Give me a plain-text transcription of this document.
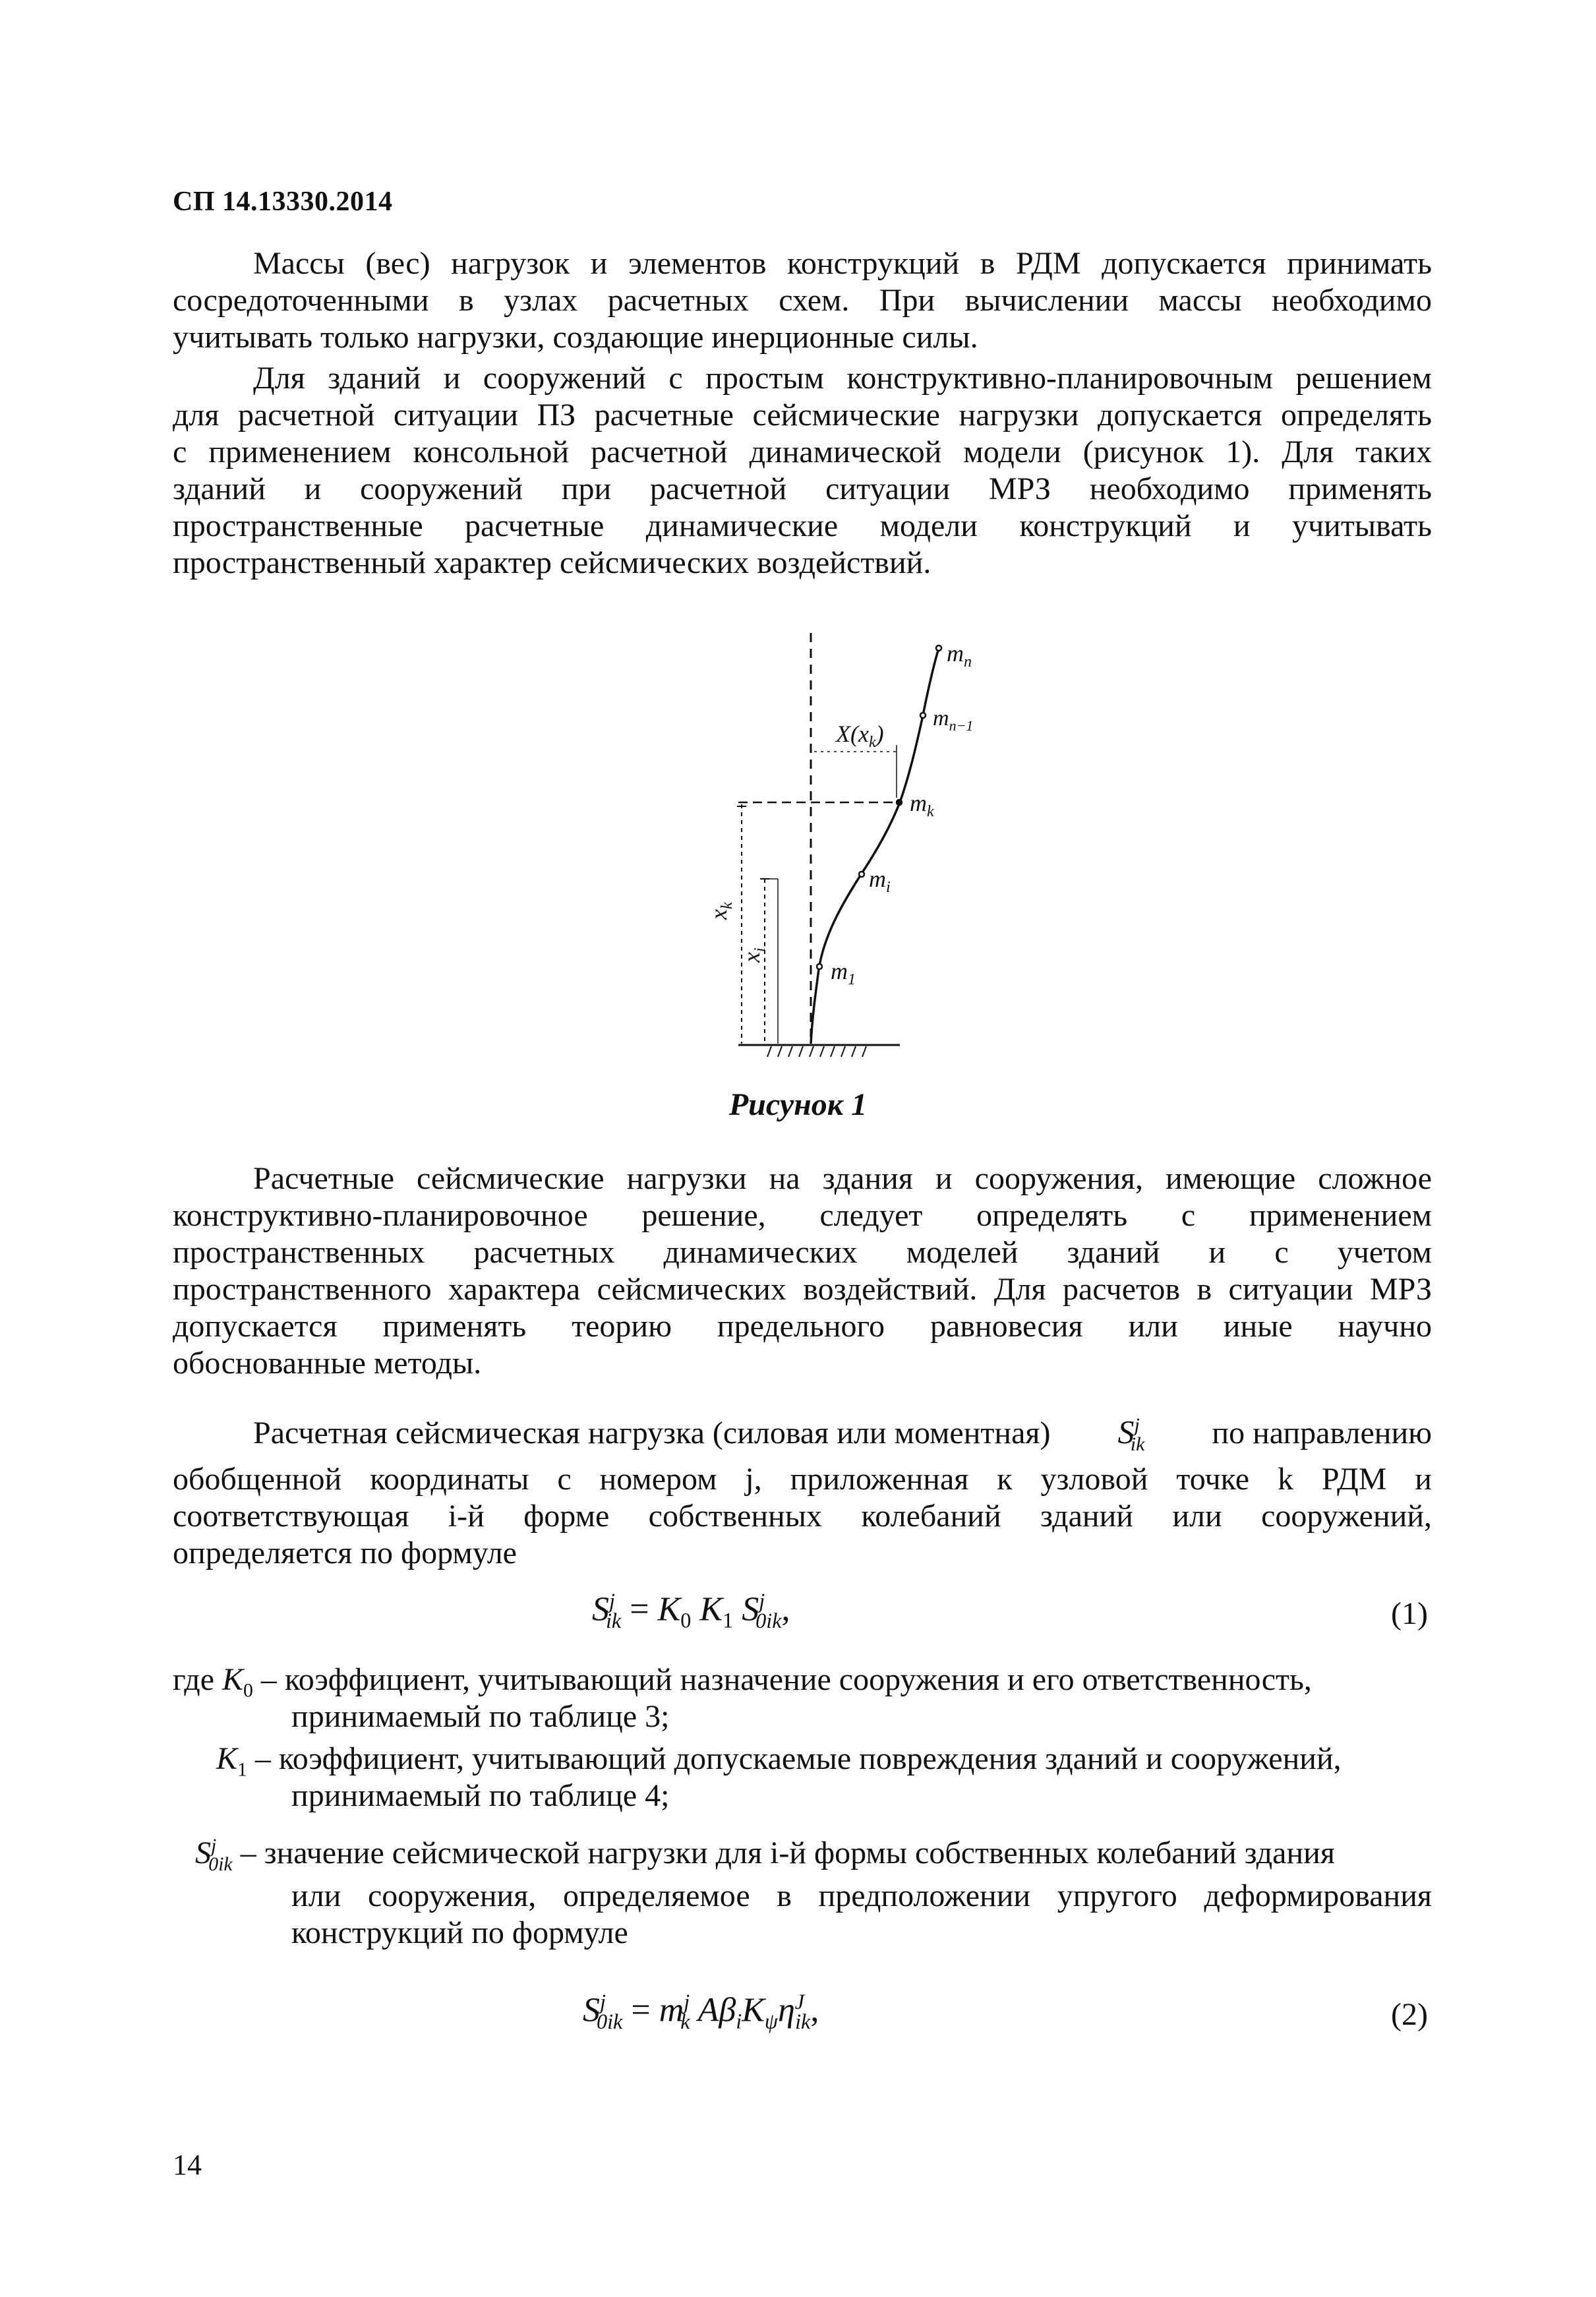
СП 14.13330.2014
Массы (вес) нагрузок и элементов конструкций в РДМ допускается принимать
сосредоточенными в узлах расчетных схем. При вычислении массы необходимо
учитывать только нагрузки, создающие инерционные силы.
Для зданий и сооружений с простым конструктивно-планировочным решением
для расчетной ситуации ПЗ расчетные сейсмические нагрузки допускается определять
с применением консольной расчетной динамической модели (рисунок 1). Для таких
зданий и сооружений при расчетной ситуации МРЗ необходимо применять
пространственные расчетные динамические модели конструкций и учитывать
пространственный характер сейсмических воздействий.
$m_n$
$m_{n-1}$
$X(x_k)$
$m_k$
$m_i$
$m_1$
$x_k$
$x_i$
Рисунок 1
Расчетные сейсмические нагрузки на здания и сооружения, имеющие сложное
конструктивно-планировочное решение, следует определять с применением
пространственных расчетных динамических моделей зданий и с учетом
пространственного характера сейсмических воздействий. Для расчетов в ситуации МРЗ
допускается применять теорию предельного равновесия или иные научно
обоснованные методы.
Расчетная сейсмическая нагрузка (силовая или моментная) $S^j_{ik}$ по направлению
обобщенной координаты с номером j, приложенная к узловой точке k РДМ и
соответствующая i-й форме собственных колебаний зданий или сооружений,
определяется по формуле
$S^j_{ik} = K_0$ $K_1$ $S^j_{0ik}$,	(1)
где $K_0$ – коэффициент, учитывающий назначение сооружения и его ответственность,
принимаемый по таблице 3;
$K_1$ – коэффициент, учитывающий допускаемые повреждения зданий и сооружений,
принимаемый по таблице 4;
$S^j_{0ik}$ – значение сейсмической нагрузки для i-й формы собственных колебаний здания
или сооружения, определяемое в предположении упругого деформирования
конструкций по формуле
$S^j_{0ik} = m^j_k$ $A\beta_iK_\psi\eta^J_{ik}$,	(2)
14
